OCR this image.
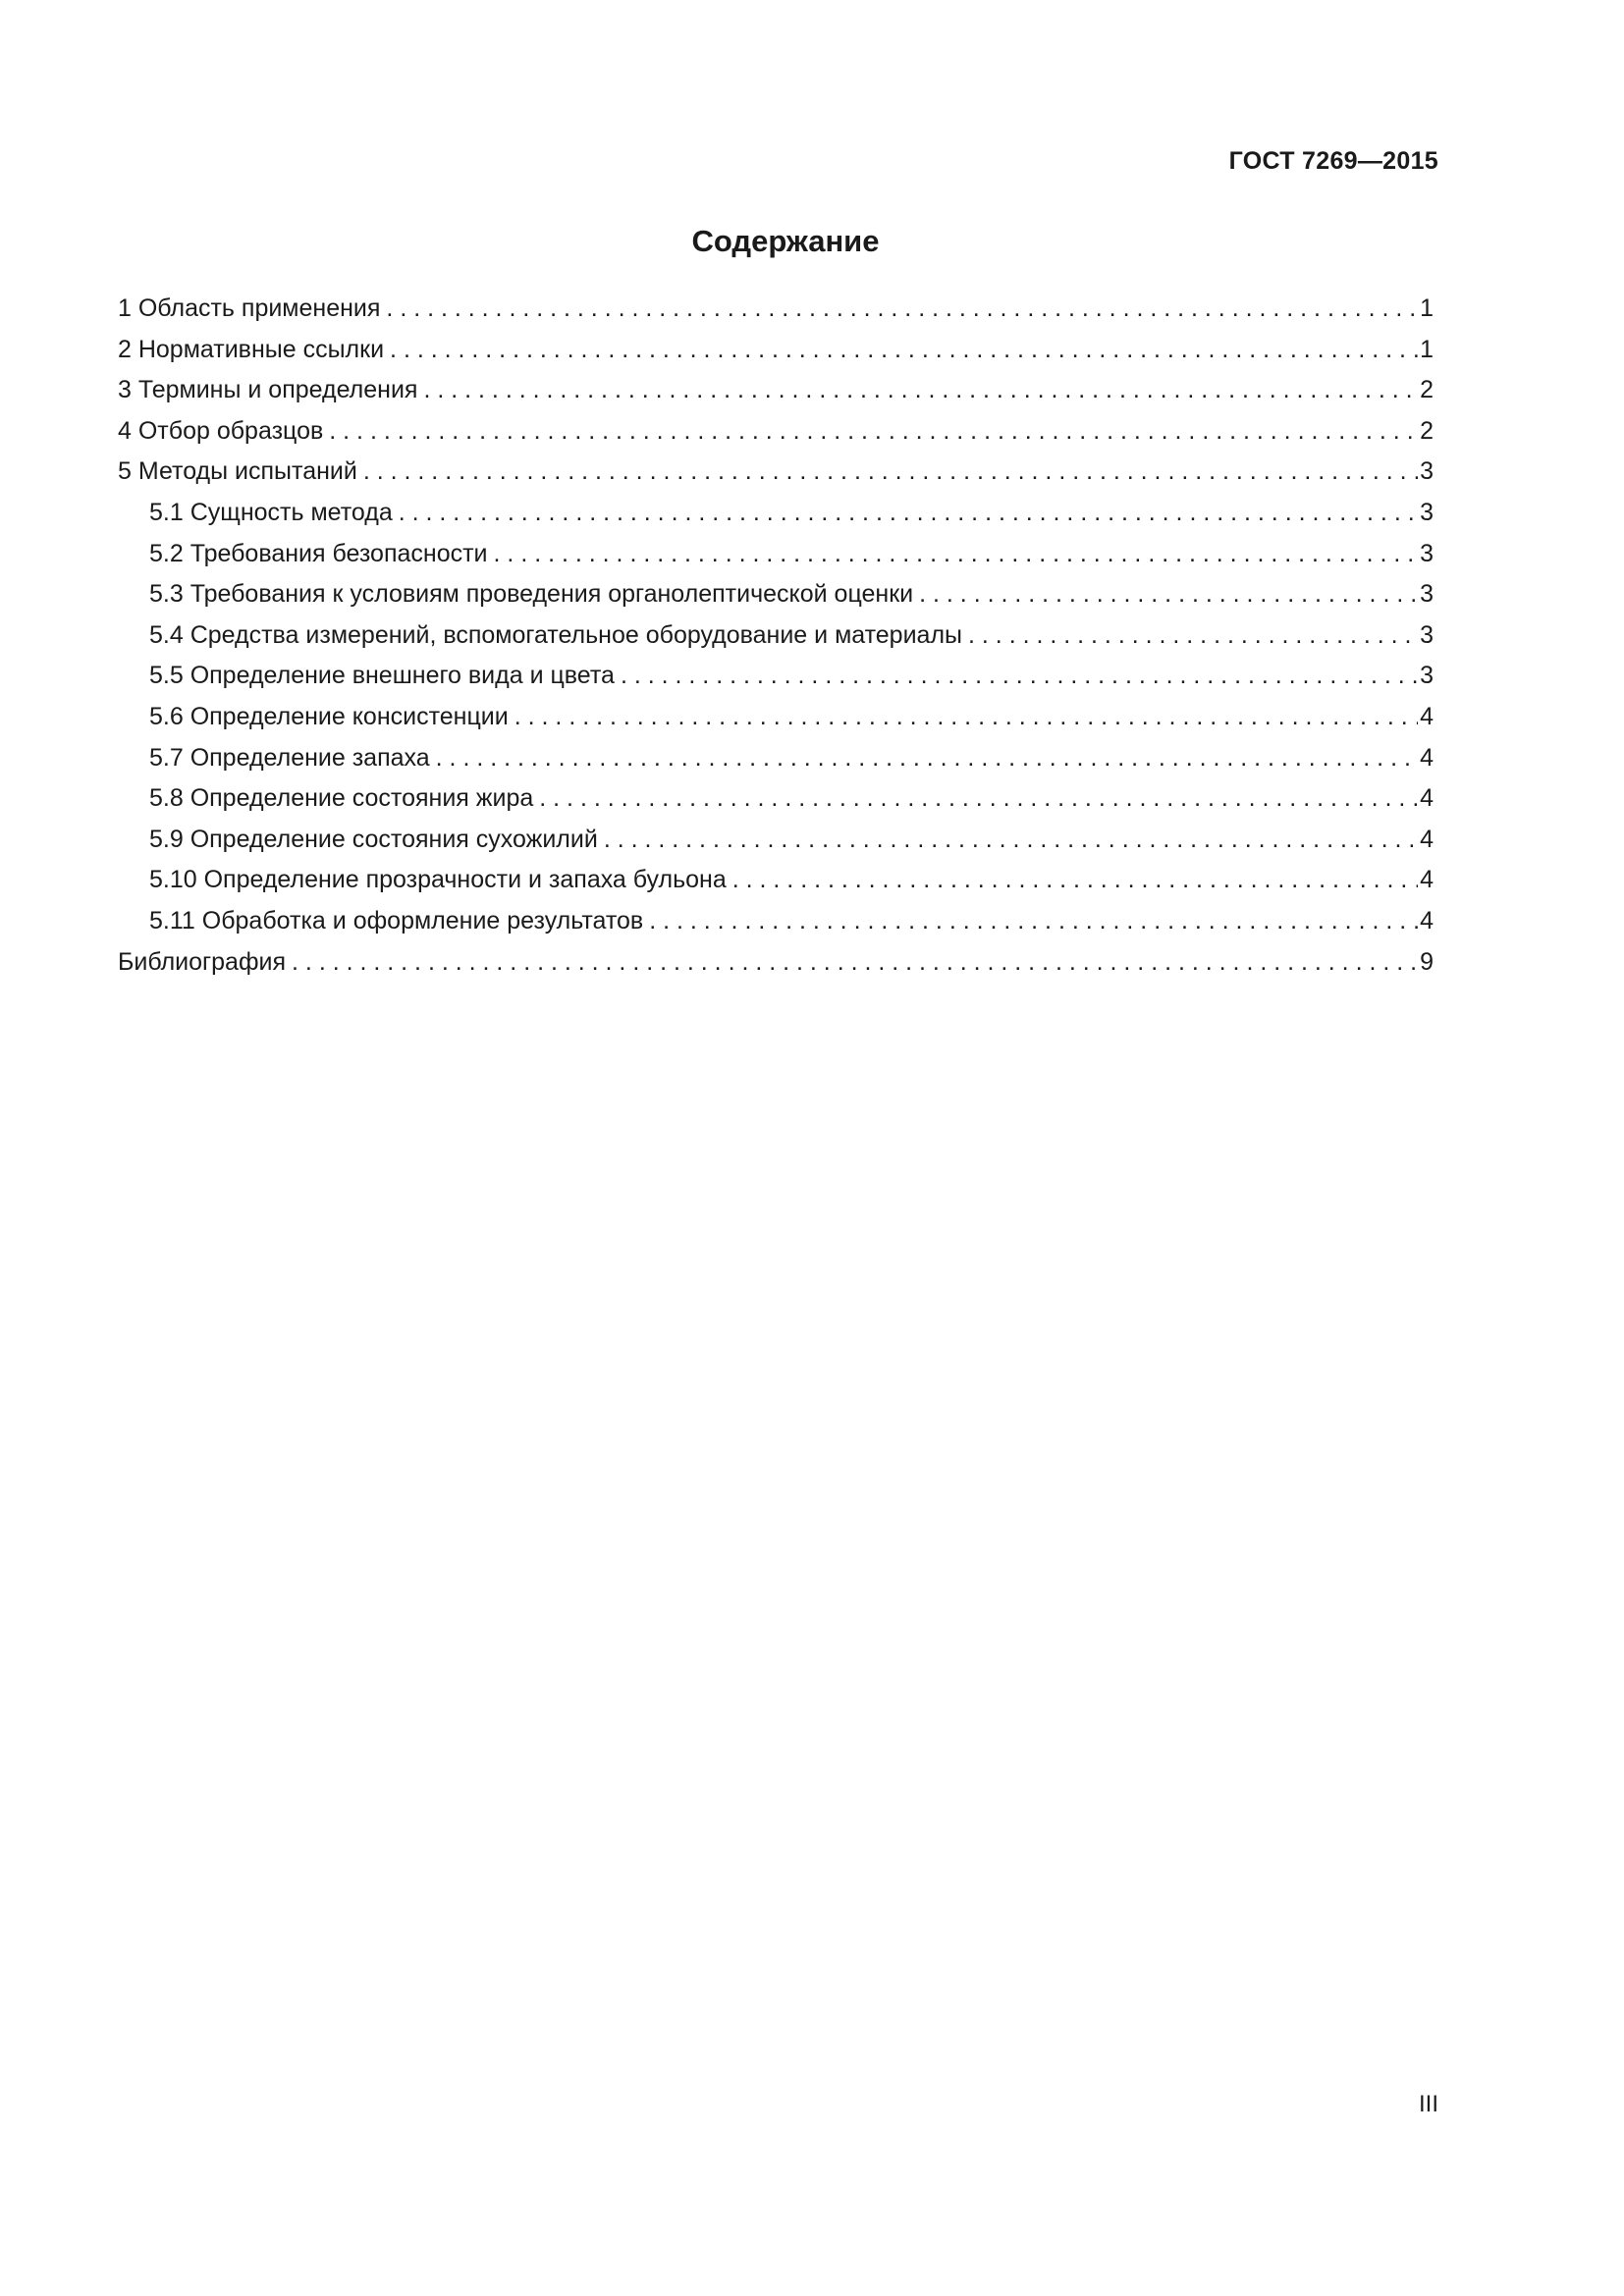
ГОСТ 7269—2015
Содержание
1 Область применения . . .	1
2 Нормативные ссылки . . .	1
3 Термины и определения . . .	2
4 Отбор образцов . . .	2
5 Методы испытаний . . .	3
5.1 Сущность метода . . .	3
5.2 Требования безопасности . . .	3
5.3 Требования к условиям проведения органолептической оценки . . .	3
5.4 Средства измерений, вспомогательное оборудование и материалы . . .	3
5.5 Определение внешнего вида и цвета . . .	3
5.6 Определение консистенции . . .	4
5.7 Определение запаха . . .	4
5.8 Определение состояния жира . . .	4
5.9 Определение состояния сухожилий . . .	4
5.10 Определение прозрачности и запаха бульона . . .	4
5.11 Обработка и оформление результатов . . .	4
Библиография . . .	9
III
